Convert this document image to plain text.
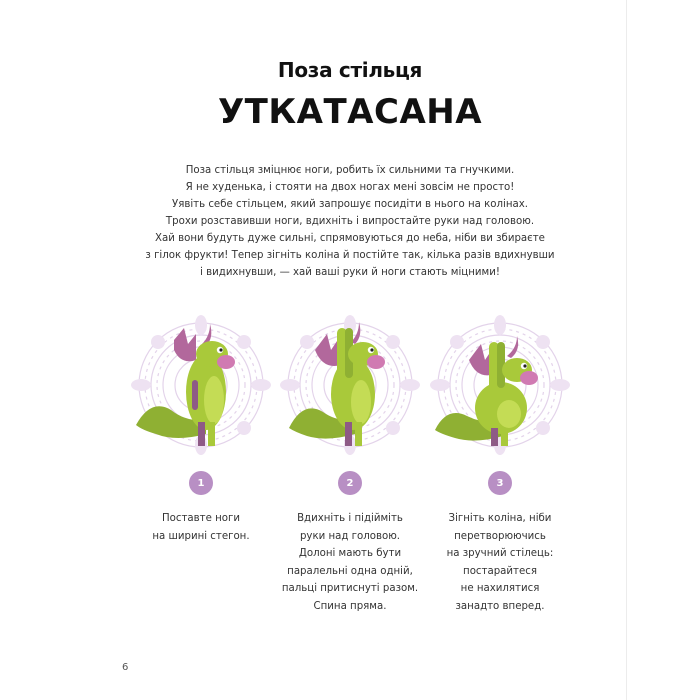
Поза стільця
УТКАТАСАНА
Поза стільця зміцнює ноги, робить їх сильними та гнучкими.
Я не худенька, і стояти на двох ногах мені зовсім не просто!
Уявіть себе стільцем, який запрошує посидіти в нього на колінах.
Трохи розставивши ноги, вдихніть і випростайте руки над головою.
Хай вони будуть дуже сильні, спрямовуються до неба, ніби ви збираєте
з гілок фрукти! Тепер зігніть коліна й постійте так, кілька разів вдихнувши
і видихнувши, — хай ваші руки й ноги стають міцними!
1
Поставте ноги
на ширині стегон.
2
Вдихніть і підійміть
руки над головою.
Долоні мають бути
паралельні одна одній,
пальці притиснуті разом.
Спина пряма.
3
Зігніть коліна, ніби
перетворюючись
на зручний стілець:
постарайтеся
не нахилятися
занадто вперед.
6
